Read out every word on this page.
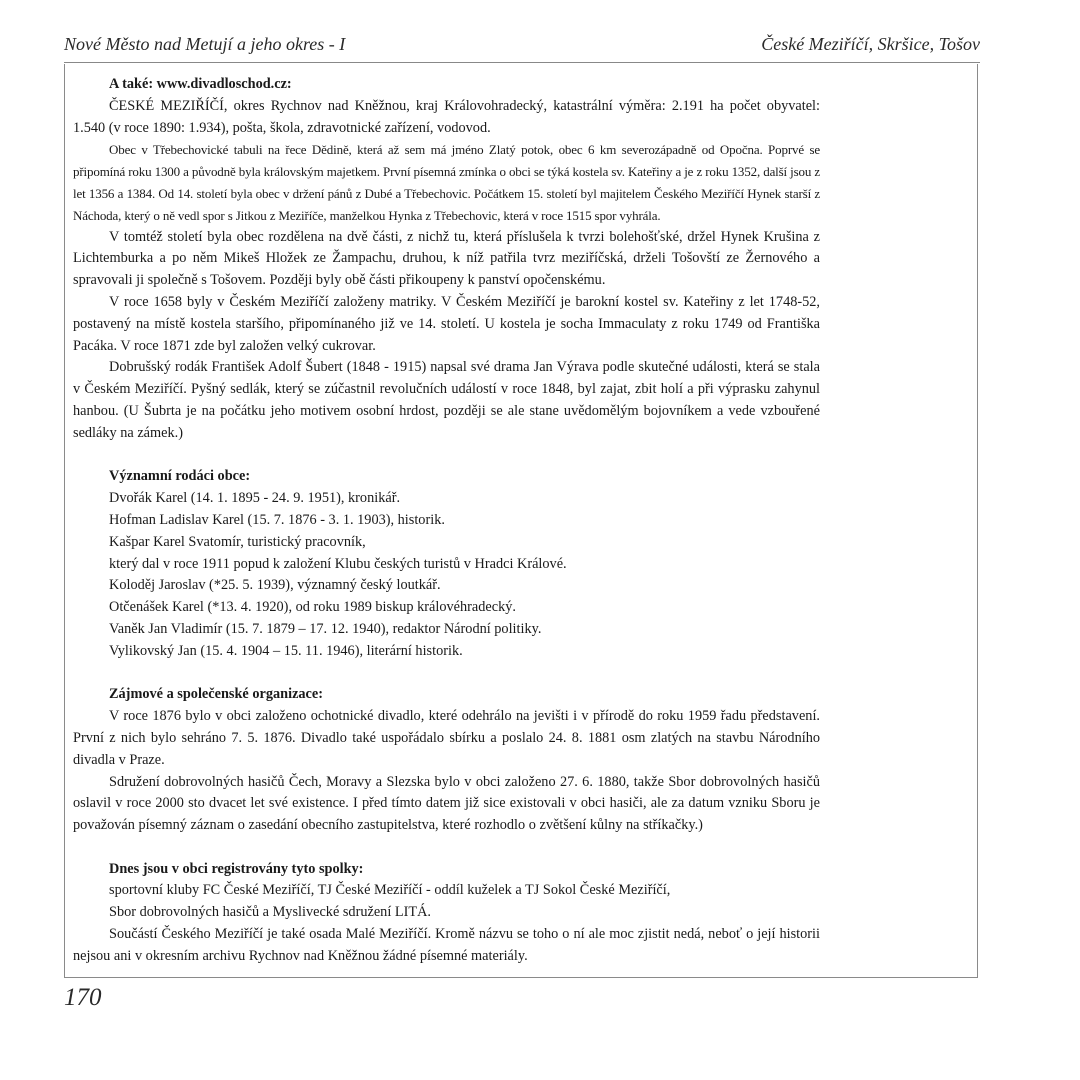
Nové Město nad Metují a jeho okres - I	České Meziříčí, Skršice, Tošov
A také: www.divadloschod.cz:

ČESKÉ MEZIŘÍČÍ, okres Rychnov nad Kněžnou, kraj Královohradecký, katastrální výměra: 2.191 ha počet obyvatel: 1.540 (v roce 1890: 1.934), pošta, škola, zdravotnické zařízení, vodovod.

Obec v Třebechovické tabuli na řece Dědině, která až sem má jméno Zlatý potok, obec 6 km severozápadně od Opočna. Poprvé se připomíná roku 1300 a původně byla královským majetkem. První písemná zmínka o obci se týká kostela sv. Kateřiny a je z roku 1352, další jsou z let 1356 a 1384. Od 14. století byla obec v držení pánů z Dubé a Třebechovic. Počátkem 15. století byl majitelem Českého Meziříčí Hynek starší z Náchoda, který o ně vedl spor s Jitkou z Meziříče, manželkou Hynka z Třebechovic, která v roce 1515 spor vyhrála.

V tomtéž století byla obec rozdělena na dvě části, z nichž tu, která příslušela k tvrzi bolehošťské, držel Hynek Krušina z Lichtemburka a po něm Mikeš Hložek ze Žampachu, druhou, k níž patřila tvrz meziříčská, drželi Tošovští ze Žernového a spravovali ji společně s Tošovem. Později byly obě části přikoupeny k panství opočenskému.

V roce 1658 byly v Českém Meziříčí založeny matriky. V Českém Meziříčí je barokní kostel sv. Kateřiny z let 1748-52, postavený na místě kostela staršího, připomínaného již ve 14. století. U kostela je socha Immaculaty z roku 1749 od Františka Pacáka. V roce 1871 zde byl založen velký cukrovar.

Dobrušský rodák František Adolf Šubert (1848 - 1915) napsal své drama Jan Výrava podle skutečné události, která se stala v Českém Meziříčí. Pyšný sedlák, který se zúčastnil revolučních událostí v roce 1848, byl zajat, zbit holí a při výprasku zahynul hanbou. (U Šubrta je na počátku jeho motivem osobní hrdost, později se ale stane uvědomělým bojovníkem a vede vzbouřené sedláky na zámek.)

Významní rodáci obce:
Dvořák Karel (14. 1. 1895 - 24. 9. 1951), kronikář.
Hofman Ladislav Karel (15. 7. 1876 - 3. 1. 1903), historik.
Kašpar Karel Svatomír, turistický pracovník,
který dal v roce 1911 popud k založení Klubu českých turistů v Hradci Králové.
Koloděj Jaroslav (*25. 5. 1939), významný český loutkář.
Otčenášek Karel (*13. 4. 1920), od roku 1989 biskup královéhradecký.
Vaněk Jan Vladimír (15. 7. 1879 – 17. 12. 1940), redaktor Národní politiky.
Vylikovský Jan (15. 4. 1904 – 15. 11. 1946), literární historik.
Zájmové a společenské organizace:

V roce 1876 bylo v obci založeno ochotnické divadlo, které odehrálo na jevišti i v přírodě do roku 1959 řadu představení. První z nich bylo sehráno 7. 5. 1876. Divadlo také uspořádalo sbírku a poslalo 24. 8. 1881 osm zlatých na stavbu Národního divadla v Praze.

Sdružení dobrovolných hasičů Čech, Moravy a Slezska bylo v obci založeno 27. 6. 1880, takže Sbor dobrovolných hasičů oslavil v roce 2000 sto dvacet let své existence. I před tímto datem již sice existovali v obci hasiči, ale za datum vzniku Sboru je považován písemný záznam o zasedání obecního zastupitelstva, které rozhodlo o zvětšení kůlny na stříkačky.)

Dnes jsou v obci registrovány tyto spolky:
sportovní kluby FC České Meziříčí, TJ České Meziříčí - oddíl kuželek a TJ Sokol České Meziříčí,
Sbor dobrovolných hasičů a Myslivecké sdružení LITÁ.

Součástí Českého Meziříčí je také osada Malé Meziříčí. Kromě názvu se toho o ní ale moc zjistit nedá, neboť o její historii nejsou ani v okresním archivu Rychnov nad Kněžnou žádné písemné materiály.

170
